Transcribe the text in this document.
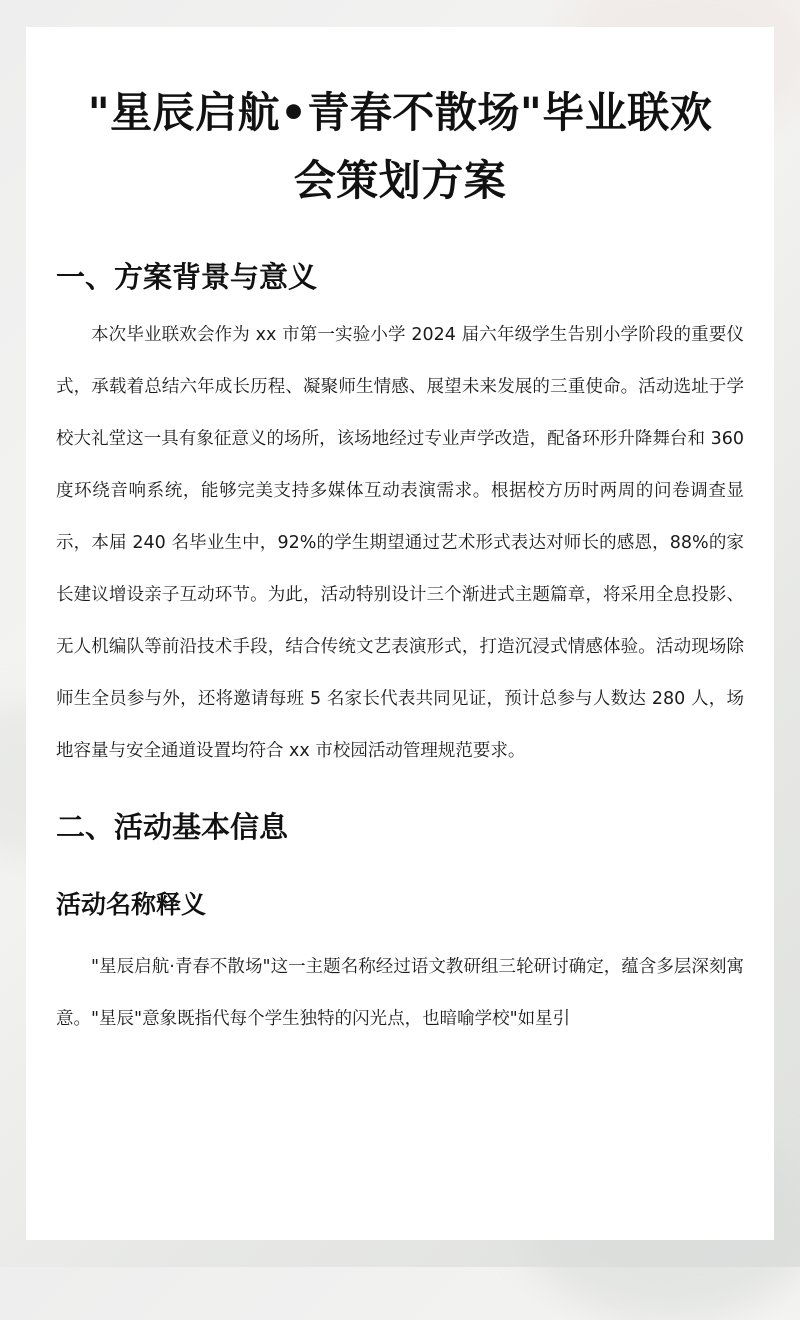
"星辰启航•青春不散场"毕业联欢会策划方案
一、方案背景与意义
本次毕业联欢会作为 xx 市第一实验小学 2024 届六年级学生告别小学阶段的重要仪式，承载着总结六年成长历程、凝聚师生情感、展望未来发展的三重使命。活动选址于学校大礼堂这一具有象征意义的场所，该场地经过专业声学改造，配备环形升降舞台和 360 度环绕音响系统，能够完美支持多媒体互动表演需求。根据校方历时两周的问卷调查显示，本届 240 名毕业生中，92%的学生期望通过艺术形式表达对师长的感恩，88%的家长建议增设亲子互动环节。为此，活动特别设计三个渐进式主题篇章，将采用全息投影、无人机编队等前沿技术手段，结合传统文艺表演形式，打造沉浸式情感体验。活动现场除师生全员参与外，还将邀请每班 5 名家长代表共同见证，预计总参与人数达 280 人，场地容量与安全通道设置均符合 xx 市校园活动管理规范要求。
二、活动基本信息
活动名称释义
"星辰启航·青春不散场"这一主题名称经过语文教研组三轮研讨确定，蕴含多层深刻寓意。"星辰"意象既指代每个学生独特的闪光点，也暗喻学校"如星引
